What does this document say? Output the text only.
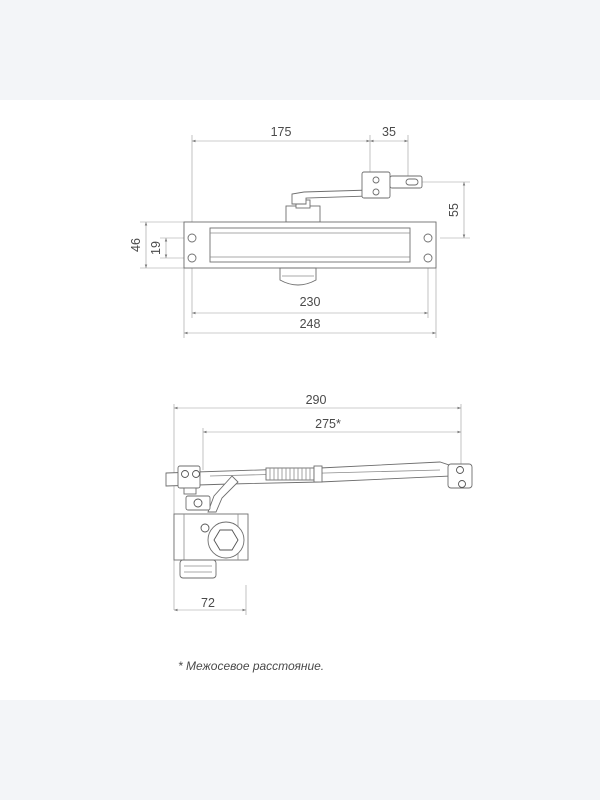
175	35
55
46 19
230
248
290
275*
72
* Межосевое расстояние.
